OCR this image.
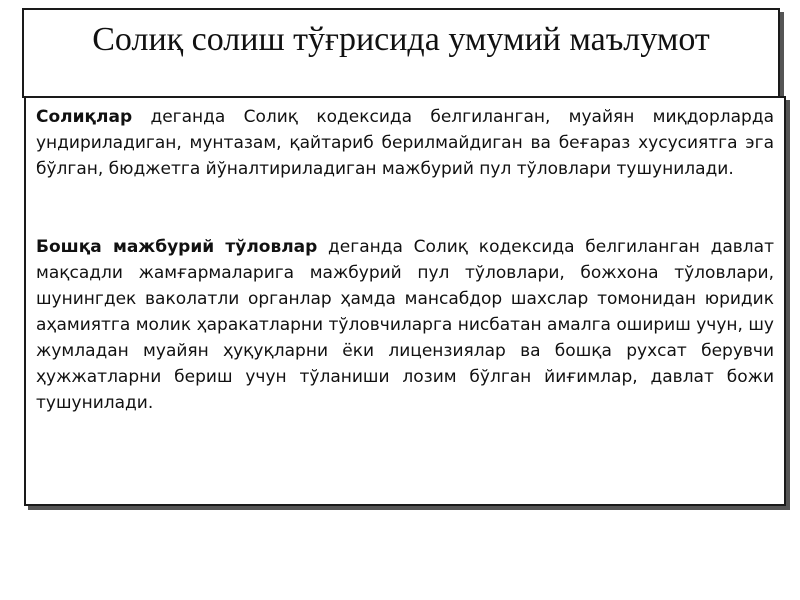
Солиқ солиш тўғрисида умумий маълумот

Солиқлар деганда Солиқ кодексида белгиланган, муайян миқдорларда ундириладиган, мунтазам, қайтариб берилмайдиган ва беғараз хусусиятга эга бўлган, бюджетга йўналтириладиган мажбурий пул тўловлари тушунилади.

Бошқа мажбурий тўловлар деганда Солиқ кодексида белгиланган давлат мақсадли жамғармаларига мажбурий пул тўловлари, божхона тўловлари, шунингдек ваколатли органлар ҳамда мансабдор шахслар томонидан юридик аҳамиятга молик ҳаракатларни тўловчиларга нисбатан амалга ошириш учун, шу жумладан муайян ҳуқуқларни ёки лицензиялар ва бошқа рухсат берувчи ҳужжатларни бериш учун тўланиши лозим бўлган йиғимлар, давлат божи тушунилади.
